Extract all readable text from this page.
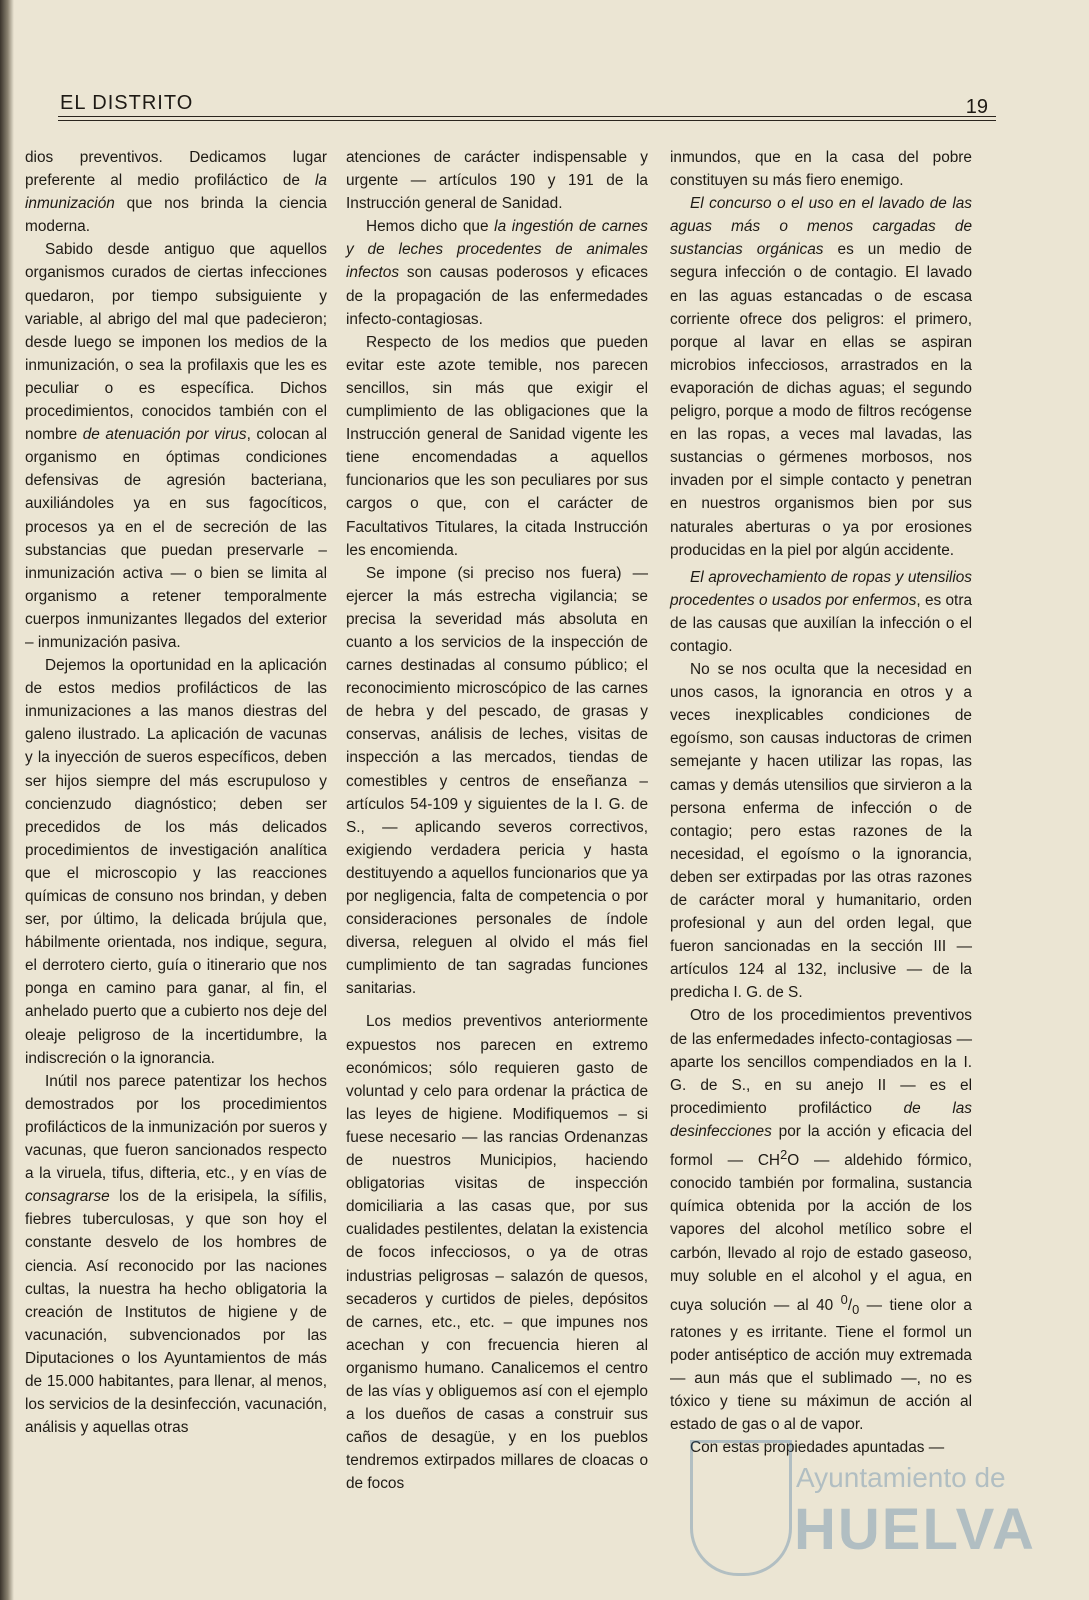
EL DISTRITO	19

dios preventivos. Dedicamos lugar preferente al medio profiláctico de la inmunización que nos brinda la ciencia moderna.

Sabido desde antiguo que aquellos organismos curados de ciertas infecciones quedaron, por tiempo subsiguiente y variable, al abrigo del mal que padecieron; desde luego se imponen los medios de la inmunización, o sea la profilaxis que les es peculiar o es específica. Dichos procedimientos, conocidos también con el nombre de atenuación por virus, colocan al organismo en óptimas condiciones defensivas de agresión bacteriana, auxiliándoles ya en sus fagocíticos, procesos ya en el de secreción de las substancias que puedan preservarle – inmunización activa — o bien se limita al organismo a retener temporalmente cuerpos inmunizantes llegados del exterior – inmunización pasiva.

Dejemos la oportunidad en la aplicación de estos medios profilácticos de las inmunizaciones a las manos diestras del galeno ilustrado. La aplicación de vacunas y la inyección de sueros específicos, deben ser hijos siempre del más escrupuloso y concienzudo diagnóstico; deben ser precedidos de los más delicados procedimientos de investigación analítica que el microscopio y las reacciones químicas de consuno nos brindan, y deben ser, por último, la delicada brújula que, hábilmente orientada, nos indique, segura, el derrotero cierto, guía o itinerario que nos ponga en camino para ganar, al fin, el anhelado puerto que a cubierto nos deje del oleaje peligroso de la incertidumbre, la indiscreción o la ignorancia.

Inútil nos parece patentizar los hechos demostrados por los procedimientos profilácticos de la inmunización por sueros y vacunas, que fueron sancionados respecto a la viruela, tifus, difteria, etc., y en vías de consagrarse los de la erisipela, la sífilis, fiebres tuberculosas, y que son hoy el constante desvelo de los hombres de ciencia. Así reconocido por las naciones cultas, la nuestra ha hecho obligatoria la creación de Institutos de higiene y de vacunación, subvencionados por las Diputaciones o los Ayuntamientos de más de 15.000 habitantes, para llenar, al menos, los servicios de la desinfección, vacunación, análisis y aquellas otras

atenciones de carácter indispensable y urgente — artículos 190 y 191 de la Instrucción general de Sanidad.

Hemos dicho que la ingestión de carnes y de leches procedentes de animales infectos son causas poderosos y eficaces de la propagación de las enfermedades infecto-contagiosas.

Respecto de los medios que pueden evitar este azote temible, nos parecen sencillos, sin más que exigir el cumplimiento de las obligaciones que la Instrucción general de Sanidad vigente les tiene encomendadas a aquellos funcionarios que les son peculiares por sus cargos o que, con el carácter de Facultativos Titulares, la citada Instrucción les encomienda.

Se impone (si preciso nos fuera) — ejercer la más estrecha vigilancia; se precisa la severidad más absoluta en cuanto a los servicios de la inspección de carnes destinadas al consumo público; el reconocimiento microscópico de las carnes de hebra y del pescado, de grasas y conservas, análisis de leches, visitas de inspección a las mercados, tiendas de comestibles y centros de enseñanza – artículos 54-109 y siguientes de la I. G. de S., — aplicando severos correctivos, exigiendo verdadera pericia y hasta destituyendo a aquellos funcionarios que ya por negligencia, falta de competencia o por consideraciones personales de índole diversa, releguen al olvido el más fiel cumplimiento de tan sagradas funciones sanitarias.

Los medios preventivos anteriormente expuestos nos parecen en extremo económicos; sólo requieren gasto de voluntad y celo para ordenar la práctica de las leyes de higiene. Modifiquemos – si fuese necesario — las rancias Ordenanzas de nuestros Municipios, haciendo obligatorias visitas de inspección domiciliaria a las casas que, por sus cualidades pestilentes, delatan la existencia de focos infecciosos, o ya de otras industrias peligrosas – salazón de quesos, secaderos y curtidos de pieles, depósitos de carnes, etc., etc. – que impunes nos acechan y con frecuencia hieren al organismo humano. Canalicemos el centro de las vías y obliguemos así con el ejemplo a los dueños de casas a construir sus caños de desagüe, y en los pueblos tendremos extirpados millares de cloacas o de focos

inmundos, que en la casa del pobre constituyen su más fiero enemigo.

El concurso o el uso en el lavado de las aguas más o menos cargadas de sustancias orgánicas es un medio de segura infección o de contagio. El lavado en las aguas estancadas o de escasa corriente ofrece dos peligros: el primero, porque al lavar en ellas se aspiran microbios infecciosos, arrastrados en la evaporación de dichas aguas; el segundo peligro, porque a modo de filtros recógense en las ropas, a veces mal lavadas, las sustancias o gérmenes morbosos, nos invaden por el simple contacto y penetran en nuestros organismos bien por sus naturales aberturas o ya por erosiones producidas en la piel por algún accidente.

El aprovechamiento de ropas y utensilios procedentes o usados por enfermos, es otra de las causas que auxilían la infección o el contagio.

No se nos oculta que la necesidad en unos casos, la ignorancia en otros y a veces inexplicables condiciones de egoísmo, son causas inductoras de crimen semejante y hacen utilizar las ropas, las camas y demás utensilios que sirvieron a la persona enferma de infección o de contagio; pero estas razones de la necesidad, el egoísmo o la ignorancia, deben ser extirpadas por las otras razones de carácter moral y humanitario, orden profesional y aun del orden legal, que fueron sancionadas en la sección III — artículos 124 al 132, inclusive — de la predicha I. G. de S.

Otro de los procedimientos preventivos de las enfermedades infecto-contagiosas — aparte los sencillos compendiados en la I. G. de S., en su anejo II — es el procedimiento profiláctico de las desinfecciones por la acción y eficacia del formol — $CH^2O$ — aldehido fórmico, conocido también por formalina, sustancia química obtenida por la acción de los vapores del alcohol metílico sobre el carbón, llevado al rojo de estado gaseoso, muy soluble en el alcohol y el agua, en cuya solución — al 40 $^0/_0$ — tiene olor a ratones y es irritante. Tiene el formol un poder antiséptico de acción muy extremada — aun más que el sublimado —, no es tóxico y tiene su máximun de acción al estado de gas o al de vapor.

Con estas propiedades apuntadas —

Ayuntamiento de
HUELVA
